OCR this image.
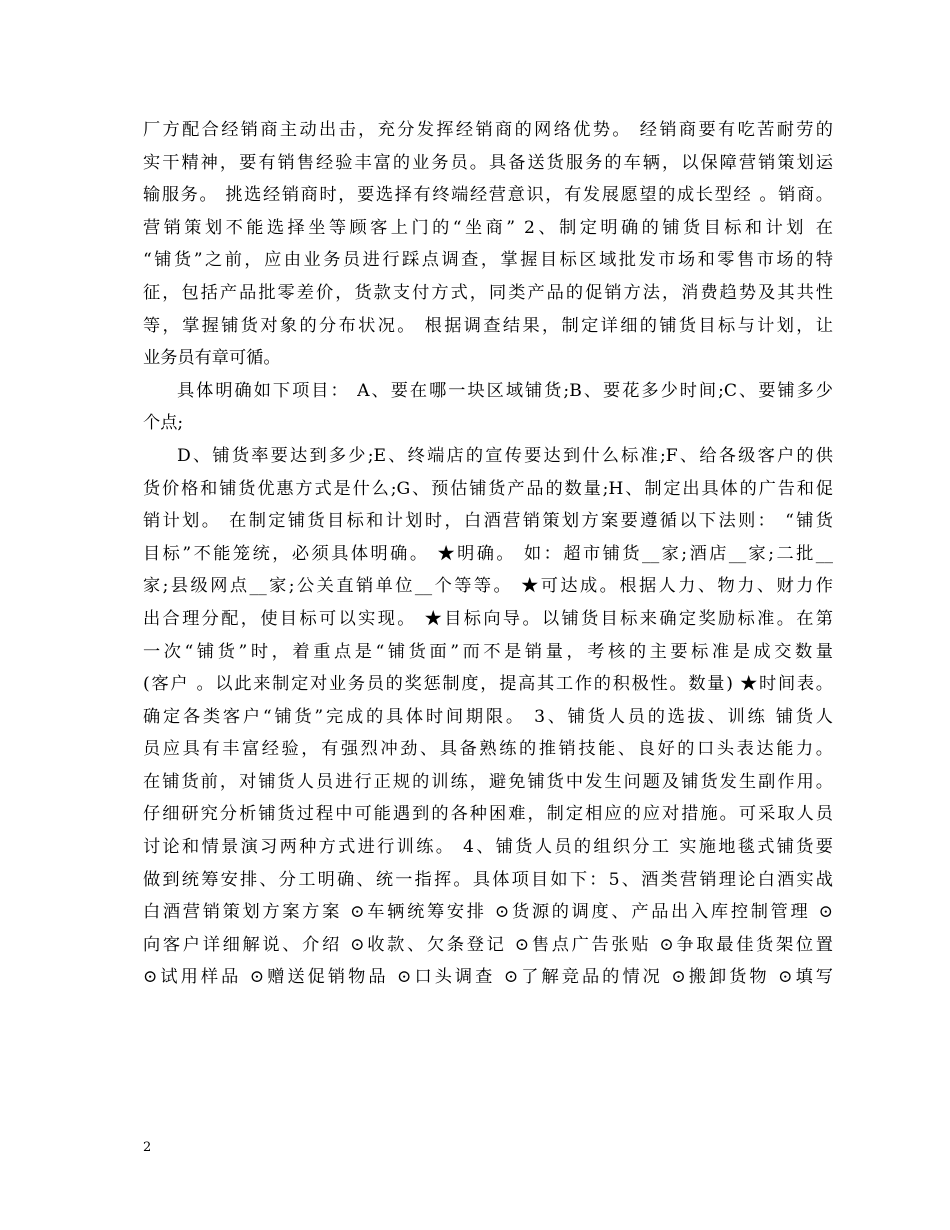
厂方配合经销商主动出击，充分发挥经销商的网络优势。 经销商要有吃苦耐劳的
实干精神，要有销售经验丰富的业务员。具备送货服务的车辆，以保障营销策划运
输服务。 挑选经销商时，要选择有终端经营意识，有发展愿望的成长型经 。销商。
营销策划不能选择坐等顾客上门的“坐商” 2、制定明确的铺货目标和计划 在
“铺货”之前，应由业务员进行踩点调查，掌握目标区域批发市场和零售市场的特
征，包括产品批零差价，货款支付方式，同类产品的促销方法，消费趋势及其共性
等，掌握铺货对象的分布状况。 根据调查结果，制定详细的铺货目标与计划，让
业务员有章可循。
具体明确如下项目： A、要在哪一块区域铺货;B、要花多少时间;C、要铺多少
个点;
D、铺货率要达到多少;E、终端店的宣传要达到什么标准;F、给各级客户的供
货价格和铺货优惠方式是什么;G、预估铺货产品的数量;H、制定出具体的广告和促
销计划。 在制定铺货目标和计划时，白酒营销策划方案要遵循以下法则： “铺货
目标”不能笼统，必须具体明确。 ★明确。 如：超市铺货__家;酒店__家;二批__
家;县级网点__家;公关直销单位__个等等。 ★可达成。根据人力、物力、财力作
出合理分配，使目标可以实现。 ★目标向导。以铺货目标来确定奖励标准。在第
一次“铺货”时，着重点是“铺货面”而不是销量，考核的主要标准是成交数量
(客户 。以此来制定对业务员的奖惩制度，提高其工作的积极性。数量) ★时间表。
确定各类客户“铺货”完成的具体时间期限。 3、铺货人员的选拔、训练 铺货人
员应具有丰富经验，有强烈冲劲、具备熟练的推销技能、良好的口头表达能力。
在铺货前，对铺货人员进行正规的训练，避免铺货中发生问题及铺货发生副作用。
仔细研究分析铺货过程中可能遇到的各种困难，制定相应的应对措施。可采取人员
讨论和情景演习两种方式进行训练。 4、铺货人员的组织分工 实施地毯式铺货要
做到统筹安排、分工明确、统一指挥。具体项目如下：5、酒类营销理论白酒实战
白酒营销策划方案方案 ⊙车辆统筹安排 ⊙货源的调度、产品出入库控制管理 ⊙
向客户详细解说、介绍 ⊙收款、欠条登记 ⊙售点广告张贴 ⊙争取最佳货架位置
⊙试用样品 ⊙赠送促销物品 ⊙口头调查 ⊙了解竞品的情况 ⊙搬卸货物 ⊙填写
2
